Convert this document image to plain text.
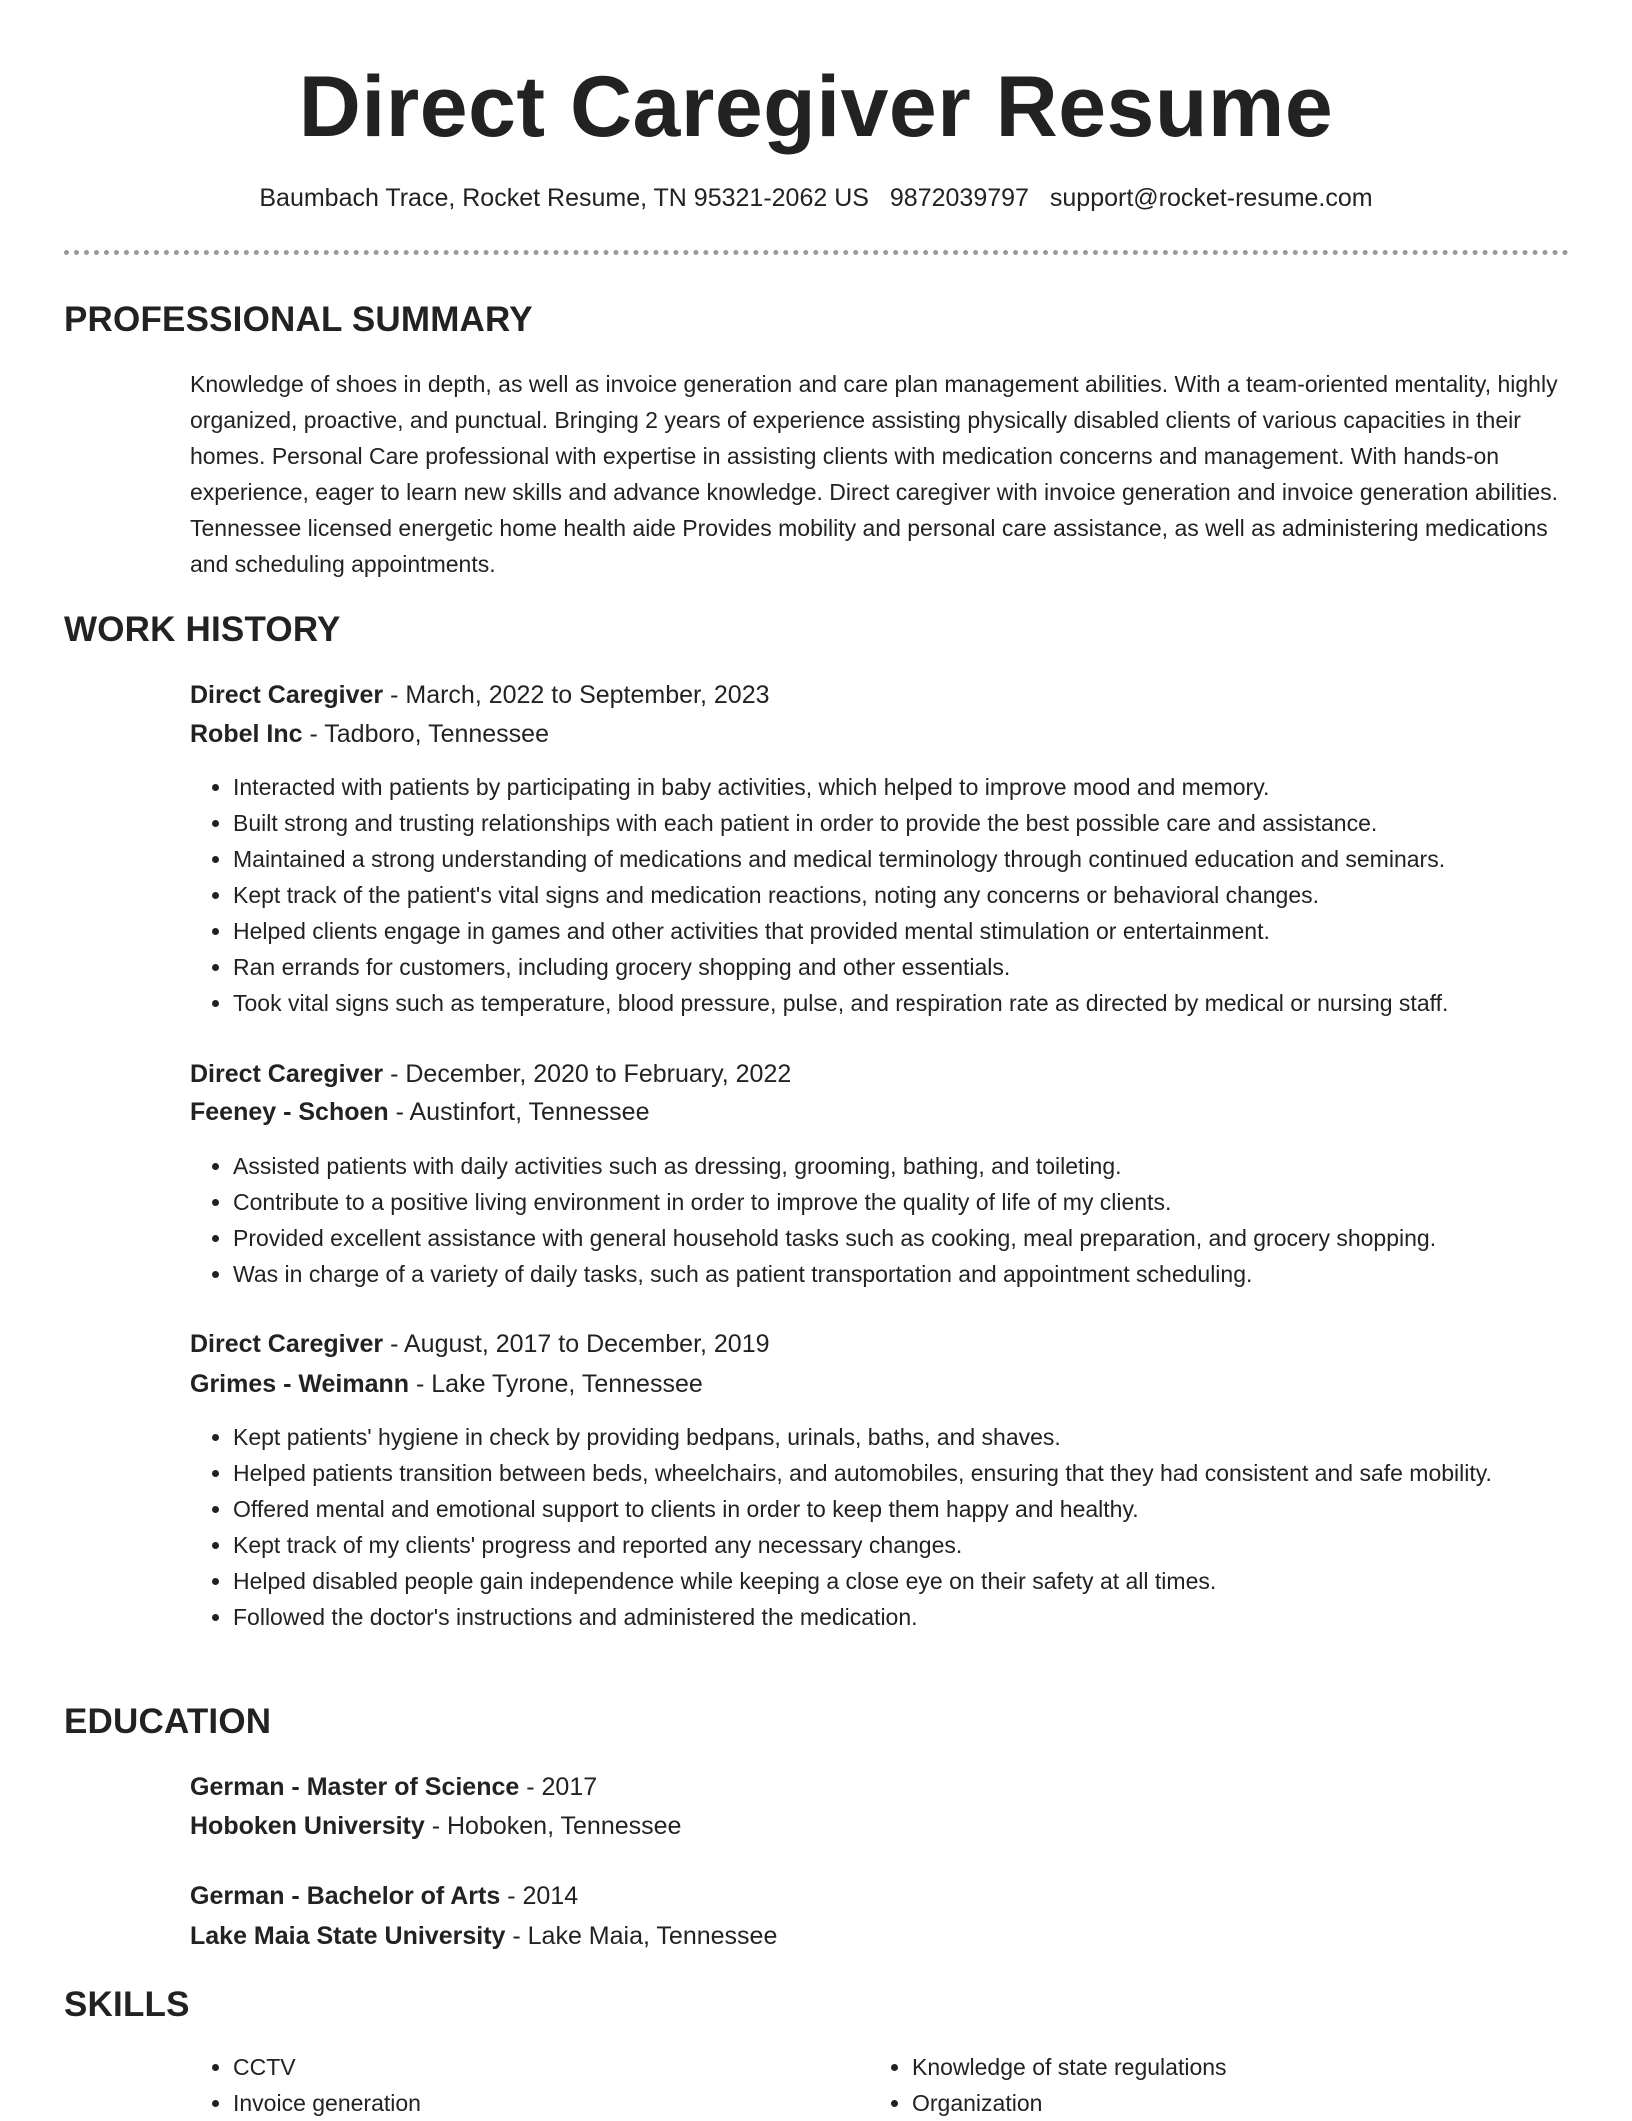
Direct Caregiver Resume
Baumbach Trace, Rocket Resume, TN 95321-2062 US 9872039797 support@rocket-resume.com
PROFESSIONAL SUMMARY

Knowledge of shoes in depth, as well as invoice generation and care plan management abilities. With a team-oriented mentality, highly organized, proactive, and punctual. Bringing 2 years of experience assisting physically disabled clients of various capacities in their homes. Personal Care professional with expertise in assisting clients with medication concerns and management. With hands-on experience, eager to learn new skills and advance knowledge. Direct caregiver with invoice generation and invoice generation abilities. Tennessee licensed energetic home health aide Provides mobility and personal care assistance, as well as administering medications and scheduling appointments.

WORK HISTORY
Direct Caregiver - March, 2022 to September, 2023
Robel Inc - Tadboro, Tennessee
• Interacted with patients by participating in baby activities, which helped to improve mood and memory.
• Built strong and trusting relationships with each patient in order to provide the best possible care and assistance.
• Maintained a strong understanding of medications and medical terminology through continued education and seminars.
• Kept track of the patient's vital signs and medication reactions, noting any concerns or behavioral changes.
• Helped clients engage in games and other activities that provided mental stimulation or entertainment.
• Ran errands for customers, including grocery shopping and other essentials.
• Took vital signs such as temperature, blood pressure, pulse, and respiration rate as directed by medical or nursing staff.
Direct Caregiver - December, 2020 to February, 2022
Feeney - Schoen - Austinfort, Tennessee
• Assisted patients with daily activities such as dressing, grooming, bathing, and toileting.
• Contribute to a positive living environment in order to improve the quality of life of my clients.
• Provided excellent assistance with general household tasks such as cooking, meal preparation, and grocery shopping.
• Was in charge of a variety of daily tasks, such as patient transportation and appointment scheduling.
Direct Caregiver - August, 2017 to December, 2019
Grimes - Weimann - Lake Tyrone, Tennessee
• Kept patients' hygiene in check by providing bedpans, urinals, baths, and shaves.
• Helped patients transition between beds, wheelchairs, and automobiles, ensuring that they had consistent and safe mobility.
• Offered mental and emotional support to clients in order to keep them happy and healthy.
• Kept track of my clients' progress and reported any necessary changes.
• Helped disabled people gain independence while keeping a close eye on their safety at all times.
• Followed the doctor's instructions and administered the medication.
EDUCATION
German - Master of Science - 2017
Hoboken University - Hoboken, Tennessee
German - Bachelor of Arts - 2014
Lake Maia State University - Lake Maia, Tennessee
SKILLS
• CCTV
• Invoice generation
• Knowledge of state regulations
• Organization
